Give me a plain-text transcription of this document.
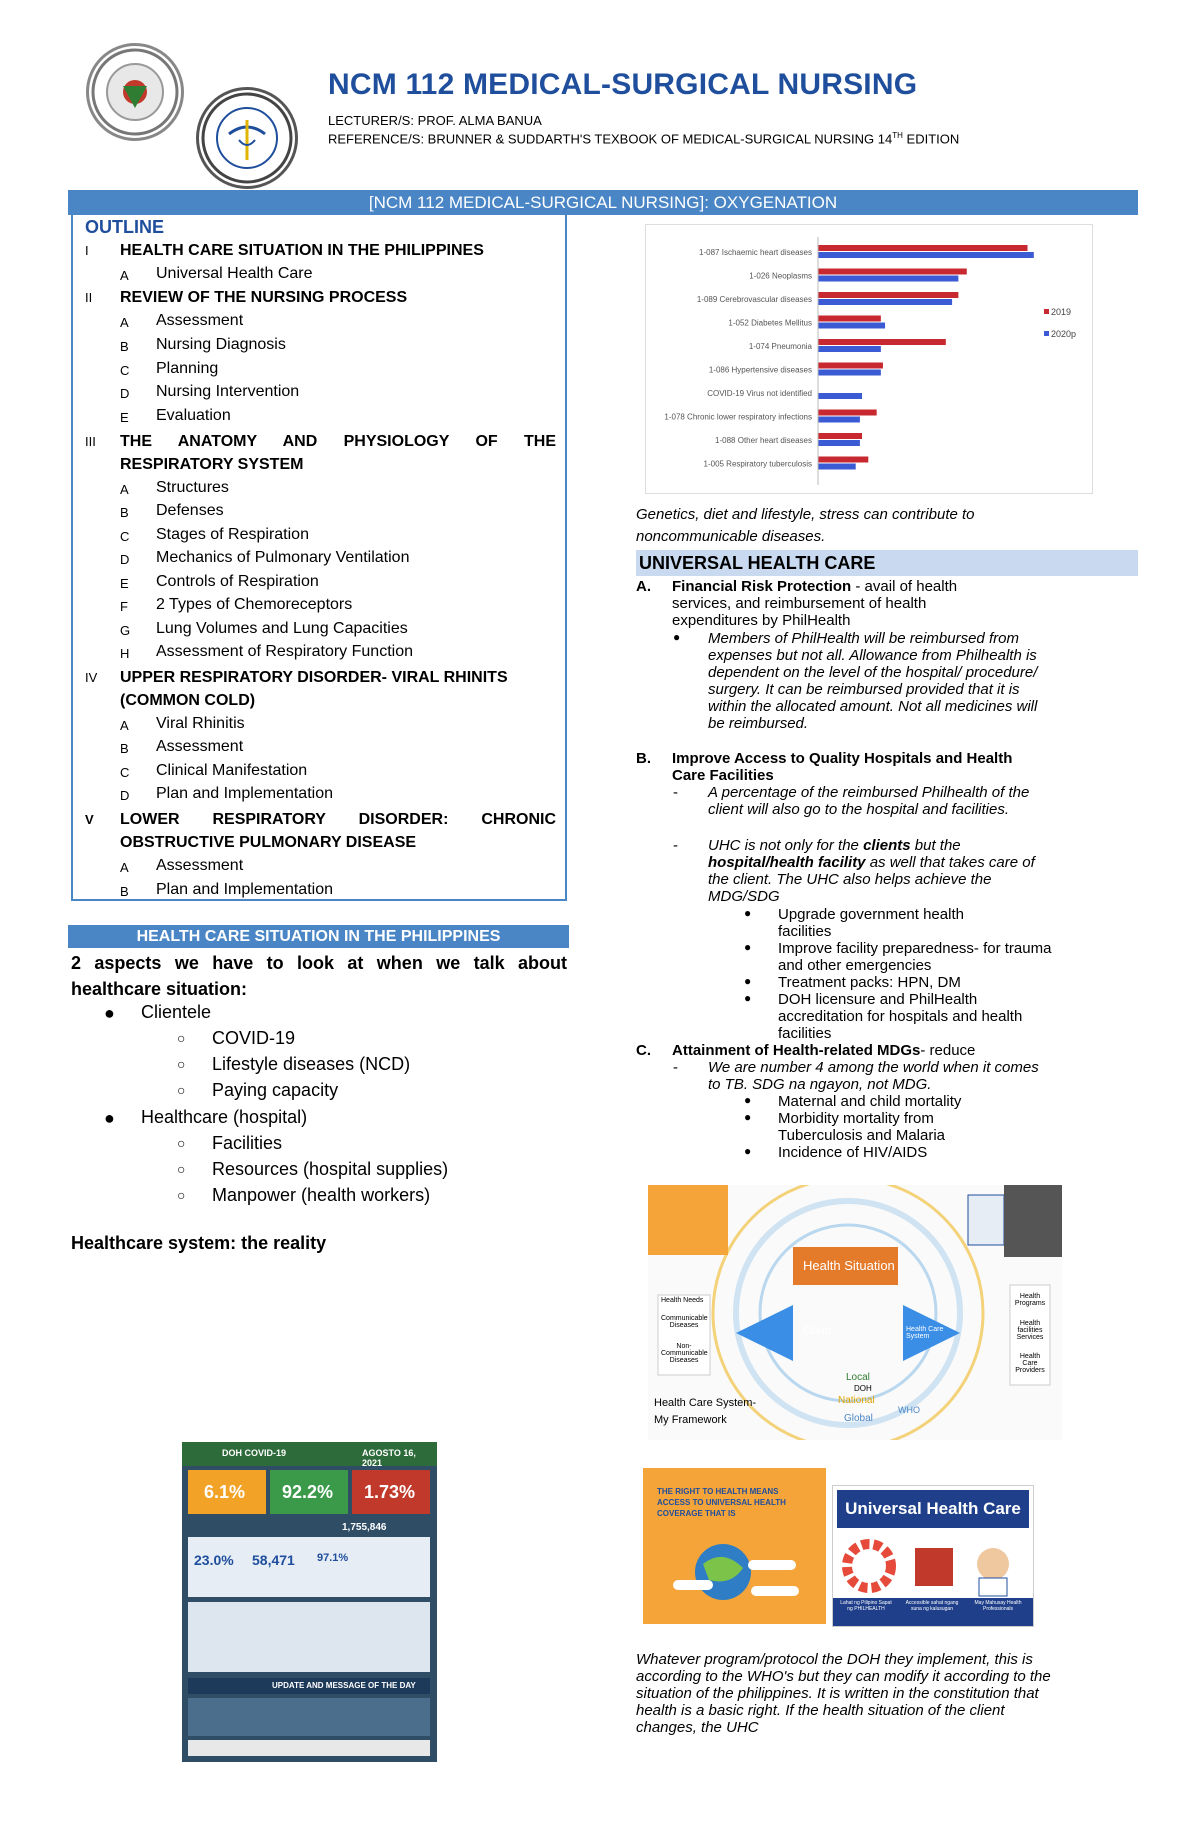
NCM 112 MEDICAL-SURGICAL NURSING
LECTURER/S: PROF. ALMA BANUA
REFERENCE/S: BRUNNER & SUDDARTH'S TEXBOOK OF MEDICAL-SURGICAL NURSING 14TH EDITION
[NCM 112 MEDICAL-SURGICAL NURSING]: OXYGENATION
OUTLINE
I HEALTH CARE SITUATION IN THE PHILIPPINES
A Universal Health Care
II REVIEW OF THE NURSING PROCESS
A Assessment
B Nursing Diagnosis
C Planning
D Nursing Intervention
E Evaluation
III THE ANATOMY AND PHYSIOLOGY OF THE
RESPIRATORY SYSTEM
A Structures
B Defenses
C Stages of Respiration
D Mechanics of Pulmonary Ventilation
E Controls of Respiration
F 2 Types of Chemoreceptors
G Lung Volumes and Lung Capacities
H Assessment of Respiratory Function
IV UPPER RESPIRATORY DISORDER- VIRAL RHINITS
(COMMON COLD)
A Viral Rhinitis
B Assessment
C Clinical Manifestation
D Plan and Implementation
V LOWER RESPIRATORY DISORDER: CHRONIC
OBSTRUCTIVE PULMONARY DISEASE
A Assessment
B Plan and Implementation
HEALTH CARE SITUATION IN THE PHILIPPINES
2 aspects we have to look at when we talk about healthcare situation:
● Clientele
○ COVID-19
○ Lifestyle diseases (NCD)
○ Paying capacity
● Healthcare (hospital)
○ Facilities
○ Resources (hospital supplies)
○ Manpower (health workers)
Healthcare system: the reality
DOH COVID-19	AGOSTO 16, 2021
6.1% 92.2% 1.73%
1,755,846
23.0% 58,471 97.1%
UPDATE AND MESSAGE OF THE DAY
1-087 Ischaemic heart diseases
1-026 Neoplasms
1-089 Cerebrovascular diseases
1-052 Diabetes Mellitus
1-074 Pneumonia
1-086 Hypertensive diseases
COVID-19 Virus not identified
1-078 Chronic lower respiratory infections
1-088 Other heart diseases
1-005 Respiratory tuberculosis
2019
2020p
Genetics, diet and lifestyle, stress can contribute to noncommunicable diseases.
UNIVERSAL HEALTH CARE
A. Financial Risk Protection - avail of health services, and reimbursement of health expenditures by PhilHealth
● Members of PhilHealth will be reimbursed from expenses but not all. Allowance from Philhealth is dependent on the level of the hospital/ procedure/ surgery. It can be reimbursed provided that it is within the allocated amount. Not all medicines will be reimbursed.
B. Improve Access to Quality Hospitals and Health Care Facilities
- A percentage of the reimbursed Philhealth of the client will also go to the hospital and facilities.
- UHC is not only for the clients but the hospital/health facility as well that takes care of the client. The UHC also helps achieve the MDG/SDG
● Upgrade government health facilities
● Improve facility preparedness- for trauma and other emergencies
● Treatment packs: HPN, DM
● DOH licensure and PhilHealth accreditation for hospitals and health facilities
C. Attainment of Health-related MDGs- reduce
- We are number 4 among the world when it comes to TB. SDG na ngayon, not MDG.
● Maternal and child mortality
● Morbidity mortality from Tuberculosis and Malaria
● Incidence of HIV/AIDS
Health Situation
Client	Health Care System
Health Needs
Communicable Diseases
Non-Communicable Diseases
Health Programs
Health facilities Services
Health Care Providers
Local
DOH
National
WHO
Global
Health Care System-
My Framework
THE RIGHT TO HEALTH MEANS ACCESS TO UNIVERSAL HEALTH COVERAGE THAT IS	Universal Health Care
Lahat ng Pilipino Sapat ng PHILHEALTH
Accessible sahat ngang suna ng kalusugan
May Mahusay Health Professionals
Whatever program/protocol the DOH they implement, this is according to the WHO's but they can modify it according to the situation of the philippines. It is written in the constitution that health is a basic right. If the health situation of the client changes, the UHC
